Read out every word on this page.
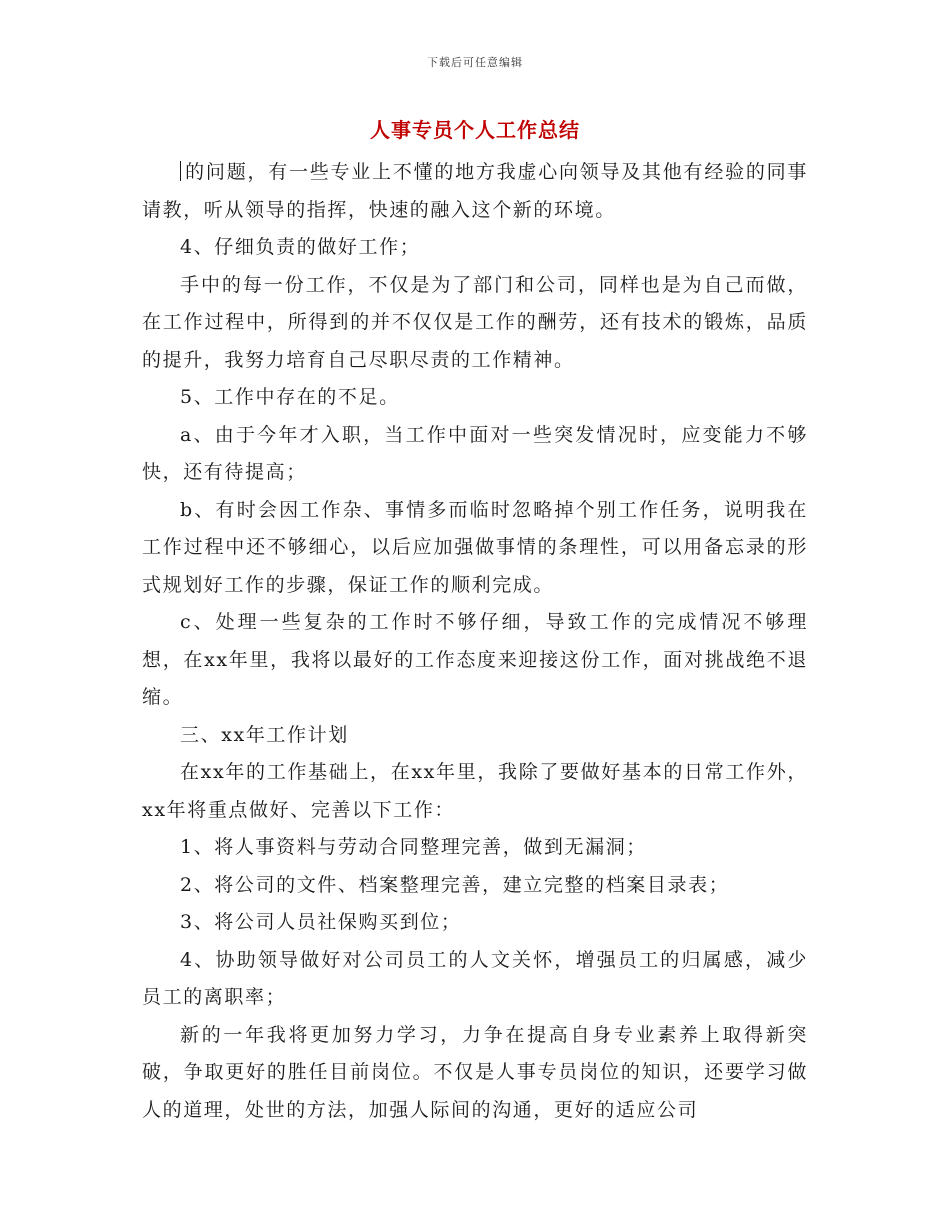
下载后可任意编辑
人事专员个人工作总结

的问题，有一些专业上不懂的地方我虚心向领导及其他有经验的同事请教，听从领导的指挥，快速的融入这个新的环境。

4、仔细负责的做好工作；

手中的每一份工作，不仅是为了部门和公司，同样也是为自己而做，在工作过程中，所得到的并不仅仅是工作的酬劳，还有技术的锻炼，品质的提升，我努力培育自己尽职尽责的工作精神。

5、工作中存在的不足。

a、由于今年才入职，当工作中面对一些突发情况时，应变能力不够快，还有待提高；

b、有时会因工作杂、事情多而临时忽略掉个别工作任务，说明我在工作过程中还不够细心，以后应加强做事情的条理性，可以用备忘录的形式规划好工作的步骤，保证工作的顺利完成。

c、处理一些复杂的工作时不够仔细，导致工作的完成情况不够理想，在xx年里，我将以最好的工作态度来迎接这份工作，面对挑战绝不退缩。

三、xx年工作计划

在xx年的工作基础上，在xx年里，我除了要做好基本的日常工作外，xx年将重点做好、完善以下工作：

1、将人事资料与劳动合同整理完善，做到无漏洞；

2、将公司的文件、档案整理完善，建立完整的档案目录表；

3、将公司人员社保购买到位；

4、协助领导做好对公司员工的人文关怀，增强员工的归属感，减少员工的离职率；

新的一年我将更加努力学习，力争在提高自身专业素养上取得新突破，争取更好的胜任目前岗位。不仅是人事专员岗位的知识，还要学习做人的道理，处世的方法，加强人际间的沟通，更好的适应公司
